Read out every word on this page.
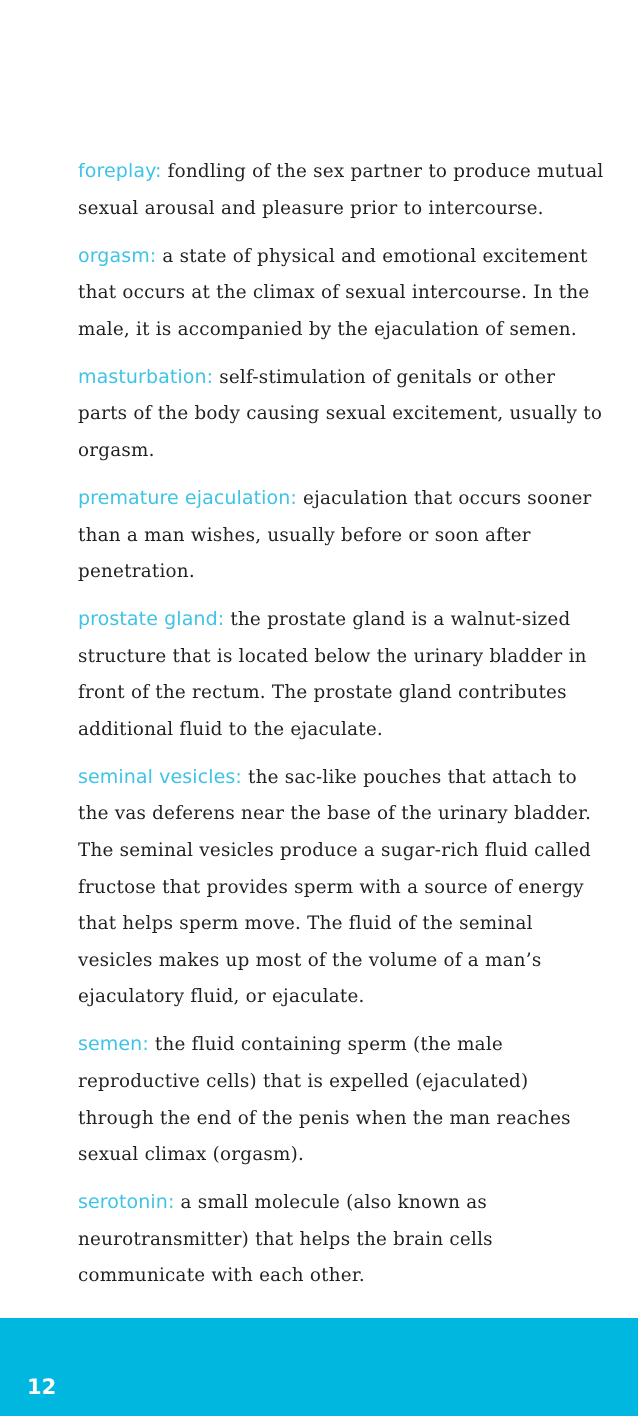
foreplay: fondling of the sex partner to produce mutual sexual arousal and pleasure prior to intercourse.

orgasm: a state of physical and emotional excitement that occurs at the climax of sexual intercourse. In the male, it is accompanied by the ejaculation of semen.

masturbation: self-stimulation of genitals or other parts of the body causing sexual excitement, usually to orgasm.

premature ejaculation: ejaculation that occurs sooner than a man wishes, usually before or soon after penetration.

prostate gland: the prostate gland is a walnut-sized structure that is located below the urinary bladder in front of the rectum. The prostate gland contributes additional fluid to the ejaculate.

seminal vesicles: the sac-like pouches that attach to the vas deferens near the base of the urinary bladder. The seminal vesicles produce a sugar-rich fluid called fructose that provides sperm with a source of energy that helps sperm move. The fluid of the seminal vesicles makes up most of the volume of a man’s ejaculatory fluid, or ejaculate.

semen: the fluid containing sperm (the male reproductive cells) that is expelled (ejaculated) through the end of the penis when the man reaches sexual climax (orgasm).

serotonin: a small molecule (also known as neurotransmitter) that helps the brain cells communicate with each other.

12
